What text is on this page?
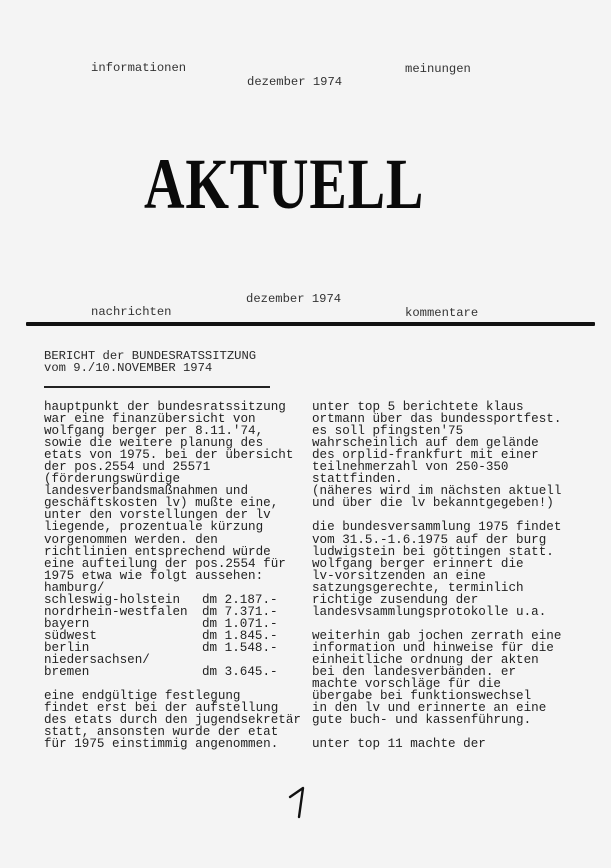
informationen
dezember 1974
meinungen
AKTUELL
dezember 1974
nachrichten	kommentare
BERICHT der BUNDESRATSSITZUNG
vom 9./10.NOVEMBER 1974
hauptpunkt der bundesratssitzung
war eine finanzübersicht von
wolfgang berger per 8.11.'74,
sowie die weitere planung des
etats von 1975. bei der übersicht
der pos.2554 und 25571
(förderungswürdige
landesverbandsmaßnahmen und
geschäftskosten lv) mußte eine,
unter den vorstellungen der lv
liegende, prozentuale kürzung
vorgenommen werden. den
richtlinien entsprechend würde
eine aufteilung der pos.2554 für
1975 etwa wie folgt aussehen:
hamburg/
schleswig-holstein	dm 2.187.-
nordrhein-westfalen	dm 7.371.-
bayern	dm 1.071.-
südwest	dm 1.845.-
berlin	dm 1.548.-
niedersachsen/
bremen	dm 3.645.-
eine endgültige festlegung
findet erst bei der aufstellung
des etats durch den jugendsekretär
statt, ansonsten wurde der etat
für 1975 einstimmig angenommen.
unter top 5 berichtete klaus
ortmann über das bundessportfest.
es soll pfingsten'75
wahrscheinlich auf dem gelände
des orplid-frankfurt mit einer
teilnehmerzahl von 250-350
stattfinden.
(näheres wird im nächsten aktuell
und über die lv bekanntgegeben!)
die bundesversammlung 1975 findet
vom 31.5.-1.6.1975 auf der burg
ludwigstein bei göttingen statt.
wolfgang berger erinnert die
lv-vorsitzenden an eine
satzungsgerechte, terminlich
richtige zusendung der
landesvsammlungsprotokolle u.a.
weiterhin gab jochen zerrath eine
information und hinweise für die
einheitliche ordnung der akten
bei den landesverbänden. er
machte vorschläge für die
übergabe bei funktionswechsel
in den lv und erinnerte an eine
gute buch- und kassenführung.
unter top 11 machte der
